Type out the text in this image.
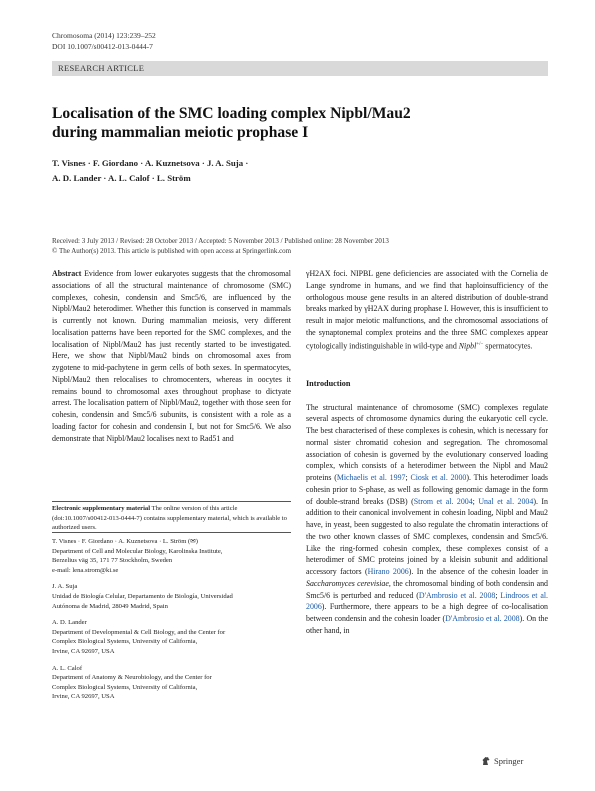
Chromosoma (2014) 123:239–252
DOI 10.1007/s00412-013-0444-7
RESEARCH ARTICLE
Localisation of the SMC loading complex Nipbl/Mau2
during mammalian meiotic prophase I
T. Visnes · F. Giordano · A. Kuznetsova · J. A. Suja ·
A. D. Lander · A. L. Calof · L. Ström
Received: 3 July 2013 / Revised: 28 October 2013 / Accepted: 5 November 2013 / Published online: 28 November 2013
© The Author(s) 2013. This article is published with open access at Springerlink.com

Abstract Evidence from lower eukaryotes suggests that the chromosomal associations of all the structural maintenance of chromosome (SMC) complexes, cohesin, condensin and Smc5/6, are influenced by the Nipbl/Mau2 heterodimer. Whether this function is conserved in mammals is currently not known. During mammalian meiosis, very different localisation patterns have been reported for the SMC complexes, and the localisation of Nipbl/Mau2 has just recently started to be investigated. Here, we show that Nipbl/Mau2 binds on chromosomal axes from zygotene to mid-pachytene in germ cells of both sexes. In spermatocytes, Nipbl/Mau2 then relocalises to chromocenters, whereas in oocytes it remains bound to chromosomal axes throughout prophase to dictyate arrest. The localisation pattern of Nipbl/Mau2, together with those seen for cohesin, condensin and Smc5/6 subunits, is consistent with a role as a loading factor for cohesin and condensin I, but not for Smc5/6. We also demonstrate that Nipbl/Mau2 localises next to Rad51 and

Electronic supplementary material The online version of this article (doi:10.1007/s00412-013-0444-7) contains supplementary material, which is available to authorized users.
T. Visnes · F. Giordano · A. Kuznetsova · L. Ström (✉)
Department of Cell and Molecular Biology, Karolinska Institute,
Berzelius väg 35, 171 77 Stockholm, Sweden
e-mail: lena.strom@ki.se
J. A. Suja
Unidad de Biología Celular, Departamento de Biología, Universidad
Autónoma de Madrid, 28049 Madrid, Spain
A. D. Lander
Department of Developmental & Cell Biology, and the Center for
Complex Biological Systems, University of California,
Irvine, CA 92697, USA
A. L. Calof
Department of Anatomy & Neurobiology, and the Center for
Complex Biological Systems, University of California,
Irvine, CA 92697, USA

γH2AX foci. NIPBL gene deficiencies are associated with the Cornelia de Lange syndrome in humans, and we find that haploinsufficiency of the orthologous mouse gene results in an altered distribution of double-strand breaks marked by γH2AX during prophase I. However, this is insufficient to result in major meiotic malfunctions, and the chromosomal associations of the synaptonemal complex proteins and the three SMC complexes appear cytologically indistinguishable in wild-type and Nipbl+/− spermatocytes.

Introduction

The structural maintenance of chromosome (SMC) complexes regulate several aspects of chromosome dynamics during the eukaryotic cell cycle. The best characterised of these complexes is cohesin, which is necessary for normal sister chromatid cohesion and segregation. The chromosomal association of cohesin is governed by the evolutionary conserved loading complex, which consists of a heterodimer between the Nipbl and Mau2 proteins (Michaelis et al. 1997; Ciosk et al. 2000). This heterodimer loads cohesin prior to S-phase, as well as following genomic damage in the form of double-strand breaks (DSB) (Strom et al. 2004; Unal et al. 2004). In addition to their canonical involvement in cohesin loading, Nipbl and Mau2 have, in yeast, been suggested to also regulate the chromatin interactions of the two other known classes of SMC complexes, condensin and Smc5/6. Like the ring-formed cohesin complex, these complexes consist of a heterodimer of SMC proteins joined by a kleisin subunit and additional accessory factors (Hirano 2006). In the absence of the cohesin loader in Saccharomyces cerevisiae, the chromosomal binding of both condensin and Smc5/6 is perturbed and reduced (D'Ambrosio et al. 2008; Lindroos et al. 2006). Furthermore, there appears to be a high degree of co-localisation between condensin and the cohesin loader (D'Ambrosio et al. 2008). On the other hand, in

Springer
